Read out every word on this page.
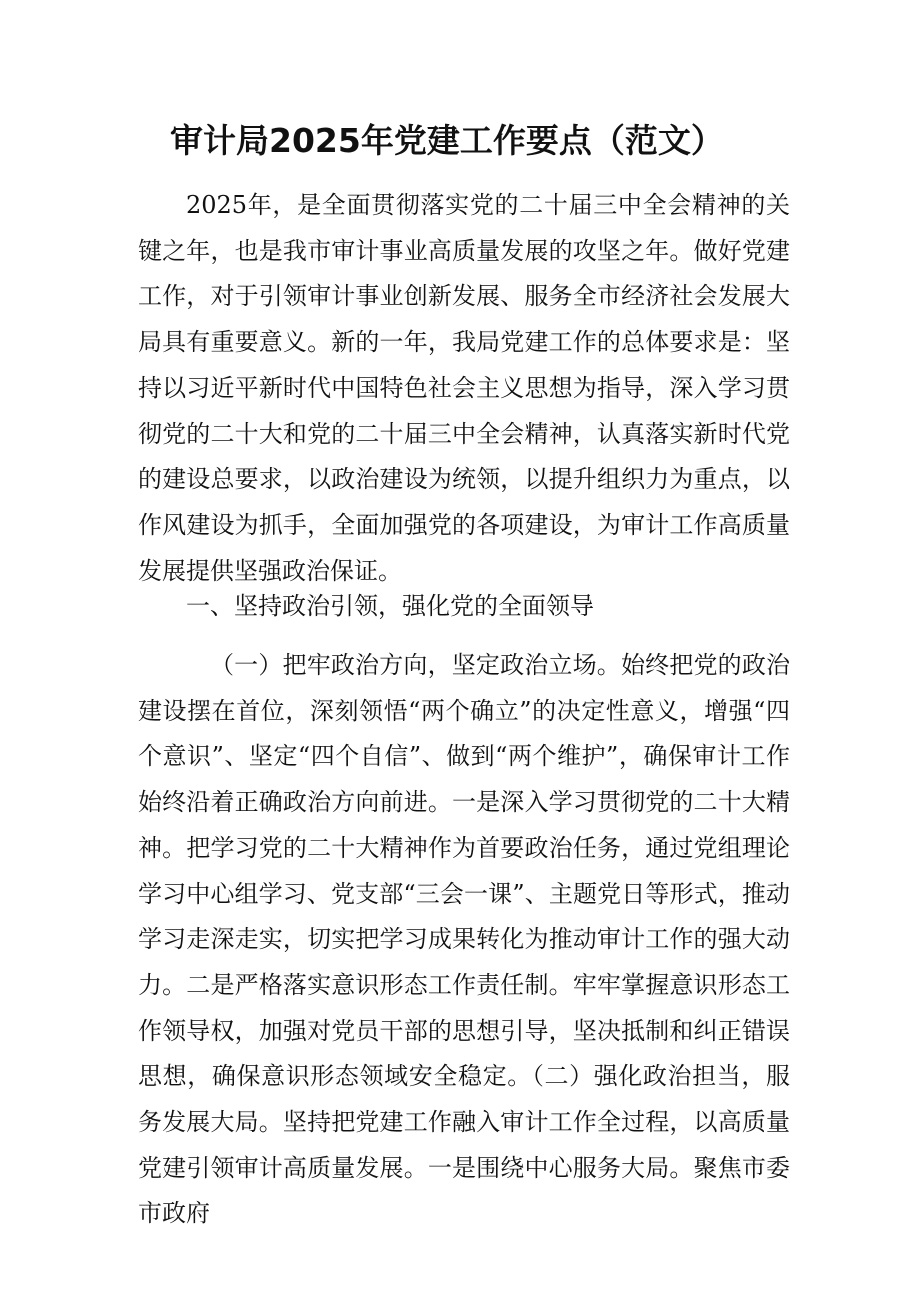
审计局2025年党建工作要点（范文）

2025年，是全面贯彻落实党的二十届三中全会精神的关键之年，也是我市审计事业高质量发展的攻坚之年。做好党建工作，对于引领审计事业创新发展、服务全市经济社会发展大局具有重要意义。新的一年，我局党建工作的总体要求是：坚持以习近平新时代中国特色社会主义思想为指导，深入学习贯彻党的二十大和党的二十届三中全会精神，认真落实新时代党的建设总要求，以政治建设为统领，以提升组织力为重点，以作风建设为抓手，全面加强党的各项建设，为审计工作高质量发展提供坚强政治保证。

一、坚持政治引领，强化党的全面领导

（一）把牢政治方向，坚定政治立场。始终把党的政治建设摆在首位，深刻领悟“两个确立”的决定性意义，增强“四个意识”、坚定“四个自信”、做到“两个维护”，确保审计工作始终沿着正确政治方向前进。一是深入学习贯彻党的二十大精神。把学习党的二十大精神作为首要政治任务，通过党组理论学习中心组学习、党支部“三会一课”、主题党日等形式，推动学习走深走实，切实把学习成果转化为推动审计工作的强大动力。二是严格落实意识形态工作责任制。牢牢掌握意识形态工作领导权，加强对党员干部的思想引导，坚决抵制和纠正错误思想，确保意识形态领域安全稳定。（二）强化政治担当，服务发展大局。坚持把党建工作融入审计工作全过程，以高质量党建引领审计高质量发展。一是围绕中心服务大局。聚焦市委市政府
